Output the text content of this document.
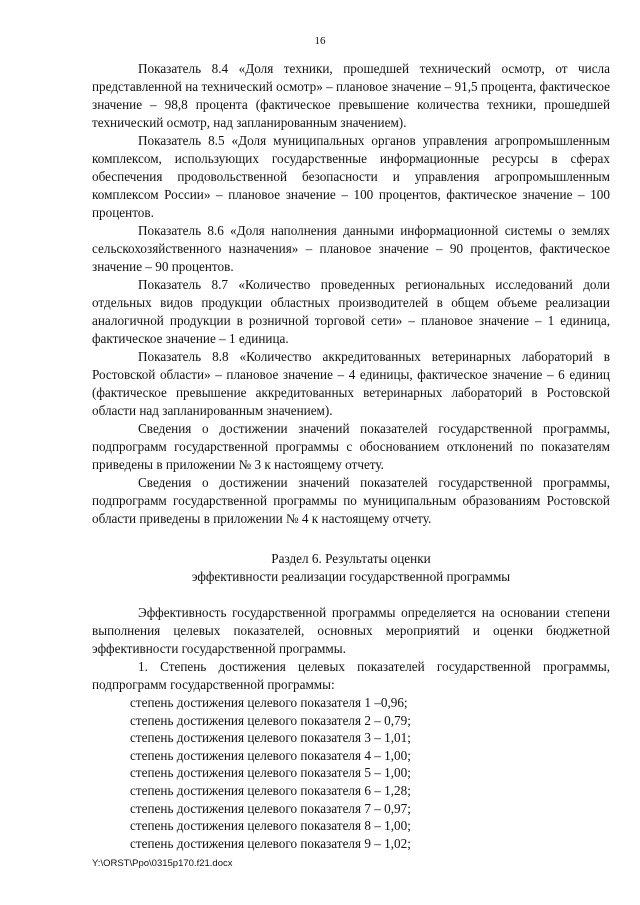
16

Показатель 8.4 «Доля техники, прошедшей технический осмотр, от числа представленной на технический осмотр» – плановое значение – 91,5 процента, фактическое значение – 98,8 процента (фактическое превышение количества техники, прошедшей технический осмотр, над запланированным значением).

Показатель 8.5 «Доля муниципальных органов управления агропромышленным комплексом, использующих государственные информационные ресурсы в сферах обеспечения продовольственной безопасности и управления агропромышленным комплексом России» – плановое значение – 100 процентов, фактическое значение – 100 процентов.

Показатель 8.6 «Доля наполнения данными информационной системы о землях сельскохозяйственного назначения» – плановое значение – 90 процентов, фактическое значение – 90 процентов.

Показатель 8.7 «Количество проведенных региональных исследований доли отдельных видов продукции областных производителей в общем объеме реализации аналогичной продукции в розничной торговой сети» – плановое значение – 1 единица, фактическое значение – 1 единица.

Показатель 8.8 «Количество аккредитованных ветеринарных лабораторий в Ростовской области» – плановое значение – 4 единицы, фактическое значение – 6 единиц (фактическое превышение аккредитованных ветеринарных лабораторий в Ростовской области над запланированным значением).

Сведения о достижении значений показателей государственной программы, подпрограмм государственной программы с обоснованием отклонений по показателям приведены в приложении № 3 к настоящему отчету.

Сведения о достижении значений показателей государственной программы, подпрограмм государственной программы по муниципальным образованиям Ростовской области приведены в приложении № 4 к настоящему отчету.

Раздел 6. Результаты оценки
эффективности реализации государственной программы

Эффективность государственной программы определяется на основании степени выполнения целевых показателей, основных мероприятий и оценки бюджетной эффективности государственной программы.

1. Степень достижения целевых показателей государственной программы, подпрограмм государственной программы:

степень достижения целевого показателя 1 –0,96;
степень достижения целевого показателя 2 – 0,79;
степень достижения целевого показателя 3 – 1,01;
степень достижения целевого показателя 4 – 1,00;
степень достижения целевого показателя 5 – 1,00;
степень достижения целевого показателя 6 – 1,28;
степень достижения целевого показателя 7 – 0,97;
степень достижения целевого показателя 8 – 1,00;
степень достижения целевого показателя 9 – 1,02;
Y:\ORST\Ppo\0315p170.f21.docx
